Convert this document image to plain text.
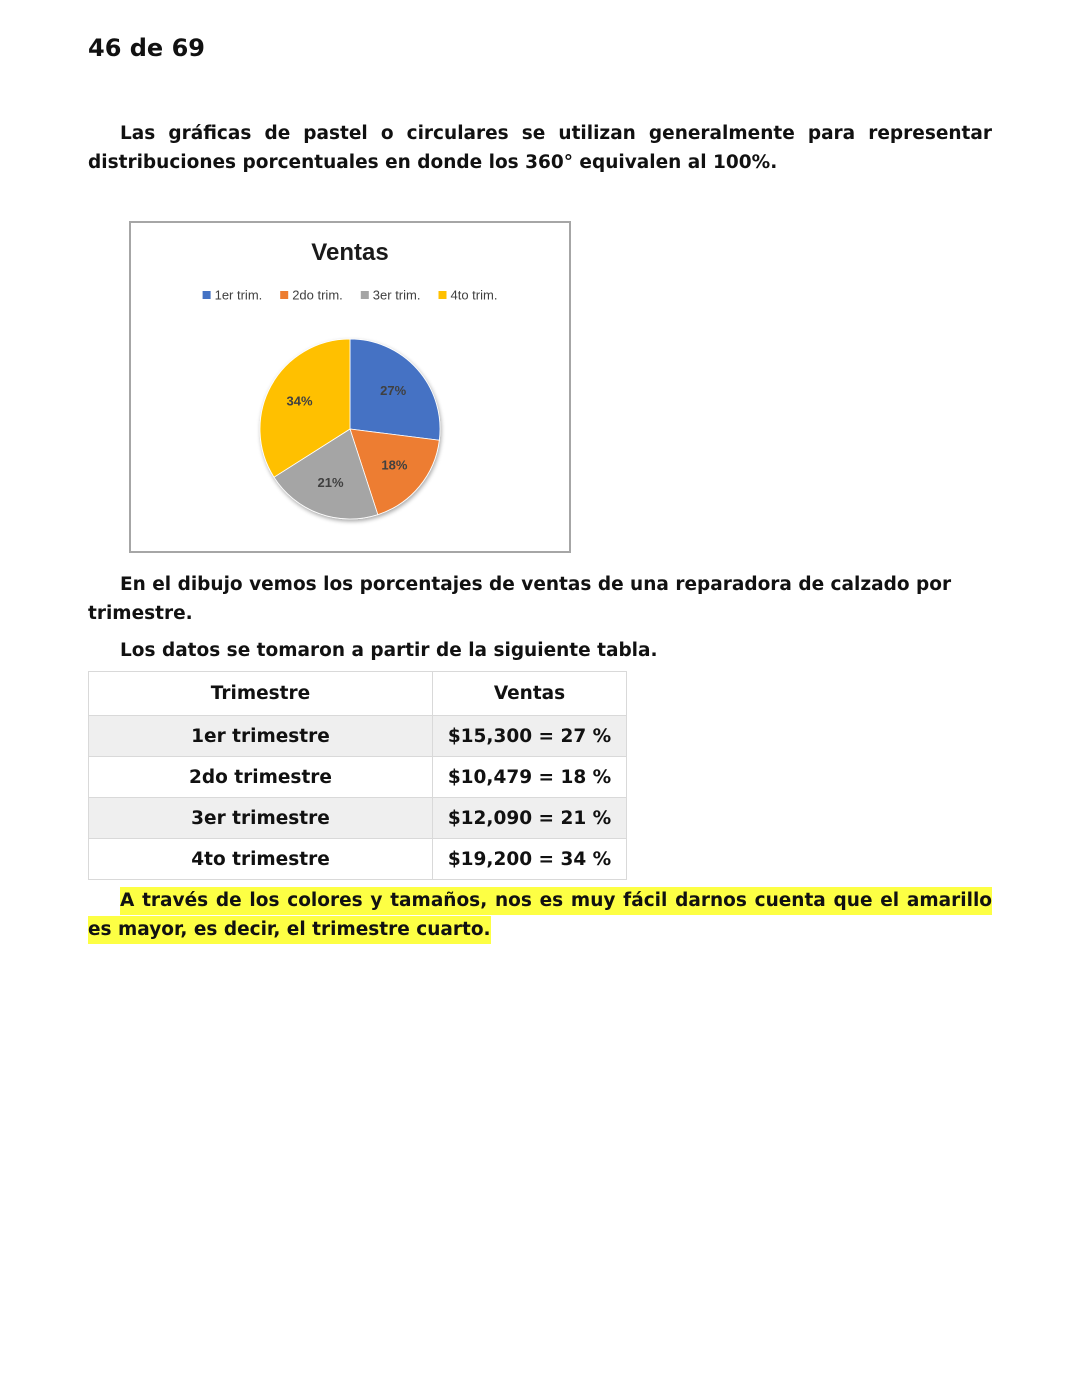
46 de 69

Las gráficas de pastel o circulares se utilizan generalmente para representar distribuciones porcentuales en donde los 360° equivalen al 100%.

Ventas
1er trim. 2do trim. 3er trim. 4to trim.
27%
18%
21%
34%

En el dibujo vemos los porcentajes de ventas de una reparadora de calzado por trimestre.

Los datos se tomaron a partir de la siguiente tabla.

Trimestre	Ventas
1er trimestre	$15,300 = 27 %
2do trimestre	$10,479 = 18 %
3er trimestre	$12,090 = 21 %
4to trimestre	$19,200 = 34 %

A través de los colores y tamaños, nos es muy fácil darnos cuenta que el amarillo es mayor, es decir, el trimestre cuarto.
